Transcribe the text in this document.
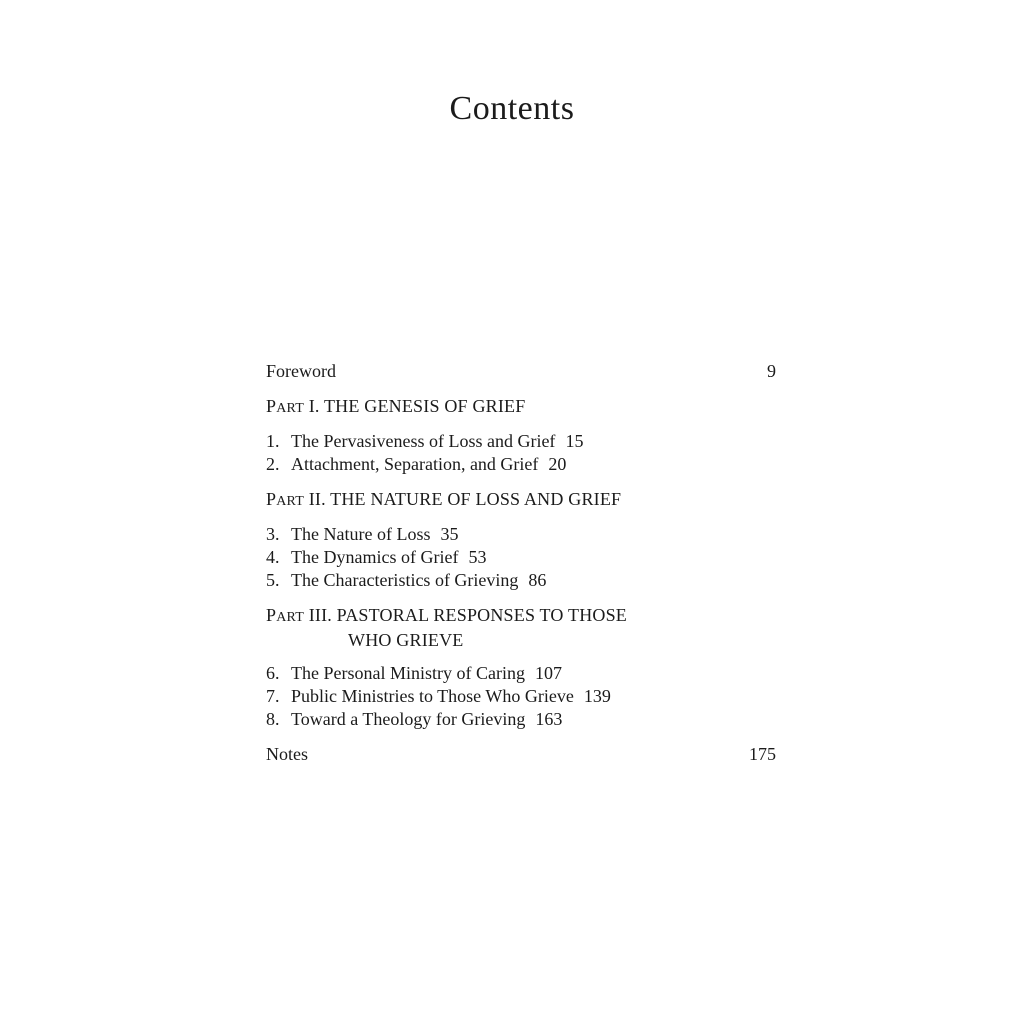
Contents
Foreword	9
PART I. THE GENESIS OF GRIEF
1. The Pervasiveness of Loss and Grief 15
2. Attachment, Separation, and Grief 20
PART II. THE NATURE OF LOSS AND GRIEF
3. The Nature of Loss 35
4. The Dynamics of Grief 53
5. The Characteristics of Grieving 86
PART III. PASTORAL RESPONSES TO THOSE
WHO GRIEVE
6. The Personal Ministry of Caring 107
7. Public Ministries to Those Who Grieve 139
8. Toward a Theology for Grieving 163
Notes	175
